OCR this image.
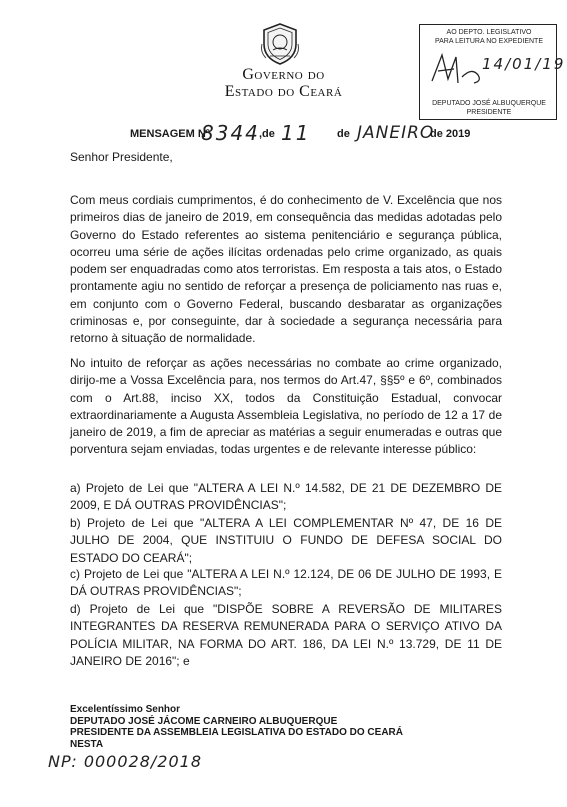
Governo do
Estado do Ceará
AO DEPTO. LEGISLATIVO
PARA LEITURA NO EXPEDIENTE
14/01/19
DEPUTADO JOSÉ ALBUQUERQUE
PRESIDENTE
MENSAGEM Nº
8344 ,de 11 de JANEIRO
de 2019
Senhor Presidente,

Com meus cordiais cumprimentos, é do conhecimento de V. Excelência que nos primeiros dias de janeiro de 2019, em consequência das medidas adotadas pelo Governo do Estado referentes ao sistema penitenciário e segurança pública, ocorreu uma série de ações ilícitas ordenadas pelo crime organizado, as quais podem ser enquadradas como atos terroristas. Em resposta a tais atos, o Estado prontamente agiu no sentido de reforçar a presença de policiamento nas ruas e, em conjunto com o Governo Federal, buscando desbaratar as organizações criminosas e, por conseguinte, dar à sociedade a segurança necessária para retorno à situação de normalidade.

No intuito de reforçar as ações necessárias no combate ao crime organizado, dirijo-me a Vossa Excelência para, nos termos do Art.47, §§5º e 6º, combinados com o Art.88, inciso XX, todos da Constituição Estadual, convocar extraordinariamente a Augusta Assembleia Legislativa, no período de 12 a 17 de janeiro de 2019, a fim de apreciar as matérias a seguir enumeradas e outras que porventura sejam enviadas, todas urgentes e de relevante interesse público:

a) Projeto de Lei que "ALTERA A LEI N.º 14.582, DE 21 DE DEZEMBRO DE 2009, E DÁ OUTRAS PROVIDÊNCIAS";

b) Projeto de Lei que "ALTERA A LEI COMPLEMENTAR Nº 47, DE 16 DE JULHO DE 2004, QUE INSTITUIU O FUNDO DE DEFESA SOCIAL DO ESTADO DO CEARÁ";

c) Projeto de Lei que "ALTERA A LEI N.º 12.124, DE 06 DE JULHO DE 1993, E DÁ OUTRAS PROVIDÊNCIAS";

d) Projeto de Lei que "DISPÕE SOBRE A REVERSÃO DE MILITARES INTEGRANTES DA RESERVA REMUNERADA PARA O SERVIÇO ATIVO DA POLÍCIA MILITAR, NA FORMA DO ART. 186, DA LEI N.º 13.729, DE 11 DE JANEIRO DE 2016"; e

Excelentíssimo Senhor
DEPUTADO JOSÉ JÁCOME CARNEIRO ALBUQUERQUE
PRESIDENTE DA ASSEMBLEIA LEGISLATIVA DO ESTADO DO CEARÁ
NESTA
NP: 000028/2018
